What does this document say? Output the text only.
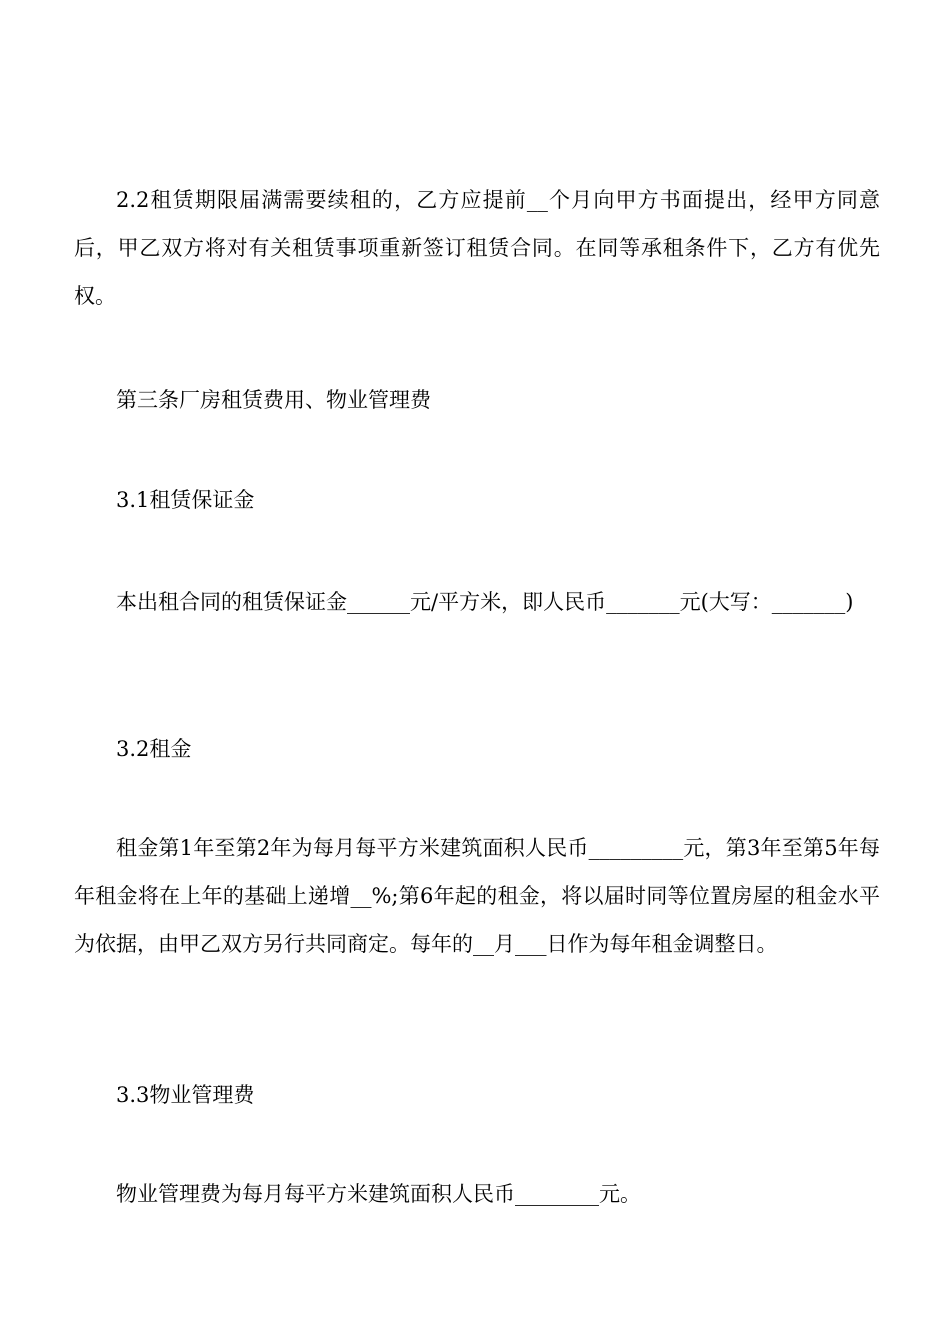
2.2租赁期限届满需要续租的，乙方应提前__个月向甲方书面提出，经甲方同意后，甲乙双方将对有关租赁事项重新签订租赁合同。在同等承租条件下，乙方有优先权。

第三条厂房租赁费用、物业管理费

3.1租赁保证金

本出租合同的租赁保证金______元/平方米，即人民币_______元(大写：_______)

3.2租金

租金第1年至第2年为每月每平方米建筑面积人民币_________元，第3年至第5年每年租金将在上年的基础上递增__%;第6年起的租金，将以届时同等位置房屋的租金水平为依据，由甲乙双方另行共同商定。每年的__月___日作为每年租金调整日。

3.3物业管理费

物业管理费为每月每平方米建筑面积人民币________元。
